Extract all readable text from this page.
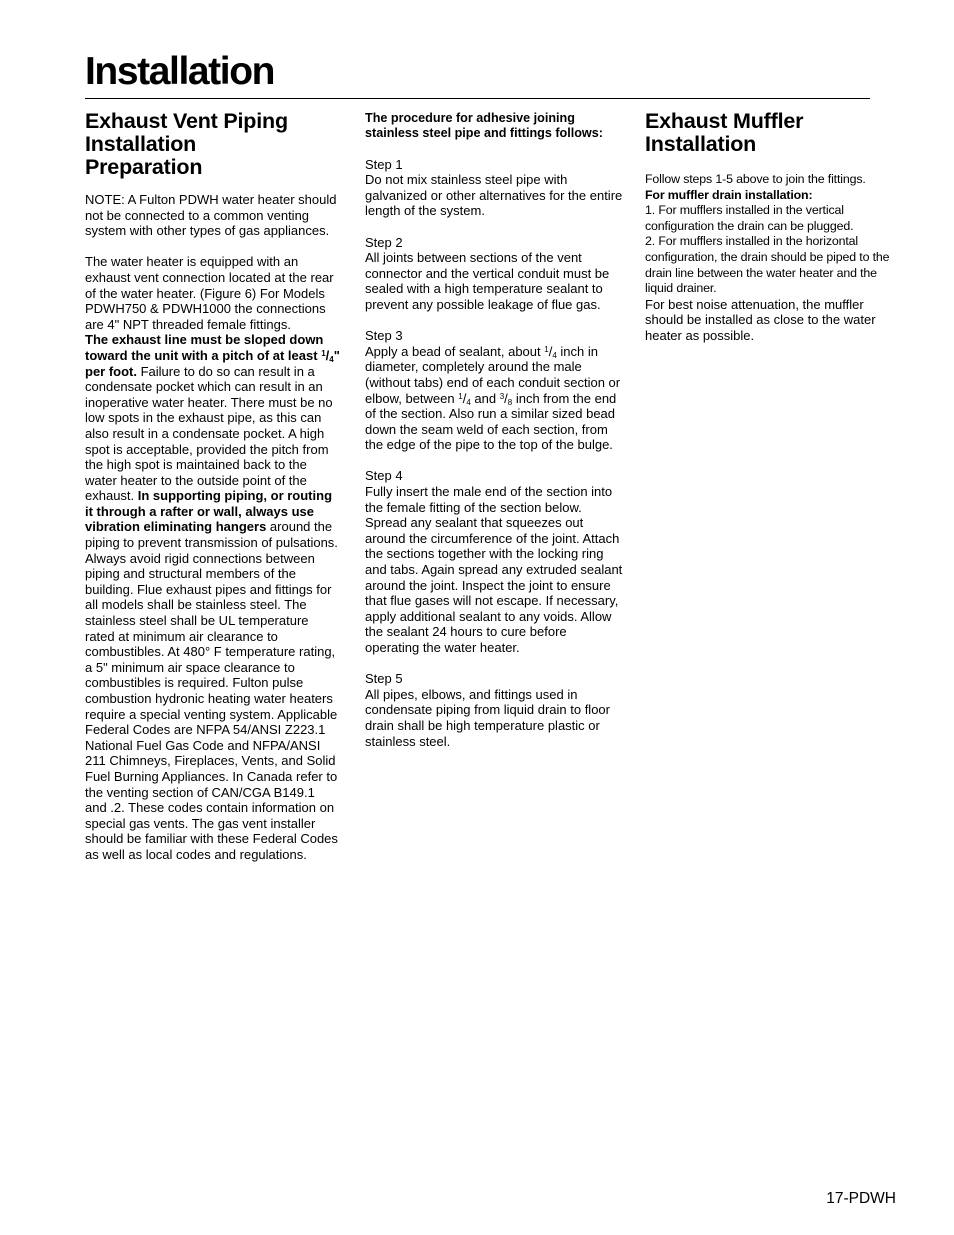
Installation
Exhaust Vent Piping
Installation
Preparation

NOTE: A Fulton PDWH water heater should not be connected to a common venting system with other types of gas appliances.

The water heater is equipped with an exhaust vent connection located at the rear of the water heater. (Figure 6) For Models PDWH750 & PDWH1000 the connections are 4" NPT threaded female fittings.
The exhaust line must be sloped down toward the unit with a pitch of at least $^1/_4$" per foot. Failure to do so can result in a condensate pocket which can result in an inoperative water heater. There must be no low spots in the exhaust pipe, as this can also result in a condensate pocket. A high spot is acceptable, provided the pitch from the high spot is maintained back to the water heater to the outside point of the exhaust. In supporting piping, or routing it through a rafter or wall, always use vibration eliminating hangers around the piping to prevent transmission of pulsations. Always avoid rigid connections between piping and structural members of the building. Flue exhaust pipes and fittings for all models shall be stainless steel. The stainless steel shall be UL temperature rated at minimum air clearance to combustibles. At 480° F temperature rating, a 5" minimum air space clearance to combustibles is required. Fulton pulse combustion hydronic heating water heaters require a special venting system. Applicable Federal Codes are NFPA 54/ANSI Z223.1 National Fuel Gas Code and NFPA/ANSI 211 Chimneys, Fireplaces, Vents, and Solid Fuel Burning Appliances. In Canada refer to the venting section of CAN/CGA B149.1 and .2. These codes contain information on special gas vents. The gas vent installer should be familiar with these Federal Codes as well as local codes and regulations.

The procedure for adhesive joining stainless steel pipe and fittings follows:

Step 1

Do not mix stainless steel pipe with galvanized or other alternatives for the entire length of the system.

Step 2

All joints between sections of the vent connector and the vertical conduit must be sealed with a high temperature sealant to prevent any possible leakage of flue gas.

Step 3

Apply a bead of sealant, about $^1/_4$ inch in diameter, completely around the male (without tabs) end of each conduit section or elbow, between $^1/_4$ and $^3/_8$ inch from the end of the section. Also run a similar sized bead down the seam weld of each section, from the edge of the pipe to the top of the bulge.

Step 4

Fully insert the male end of the section into the female fitting of the section below. Spread any sealant that squeezes out around the circumference of the joint. Attach the sections together with the locking ring and tabs. Again spread any extruded sealant around the joint. Inspect the joint to ensure that flue gases will not escape. If necessary, apply additional sealant to any voids. Allow the sealant 24 hours to cure before operating the water heater.

Step 5

All pipes, elbows, and fittings used in condensate piping from liquid drain to floor drain shall be high temperature plastic or stainless steel.

Exhaust Muffler
Installation

Follow steps 1-5 above to join the fittings.

For muffler drain installation:

1. For mufflers installed in the vertical configuration the drain can be plugged.

2. For mufflers installed in the horizontal configuration, the drain should be piped to the drain line between the water heater and the liquid drainer.

For best noise attenuation, the muffler should be installed as close to the water heater as possible.

17-PDWH
